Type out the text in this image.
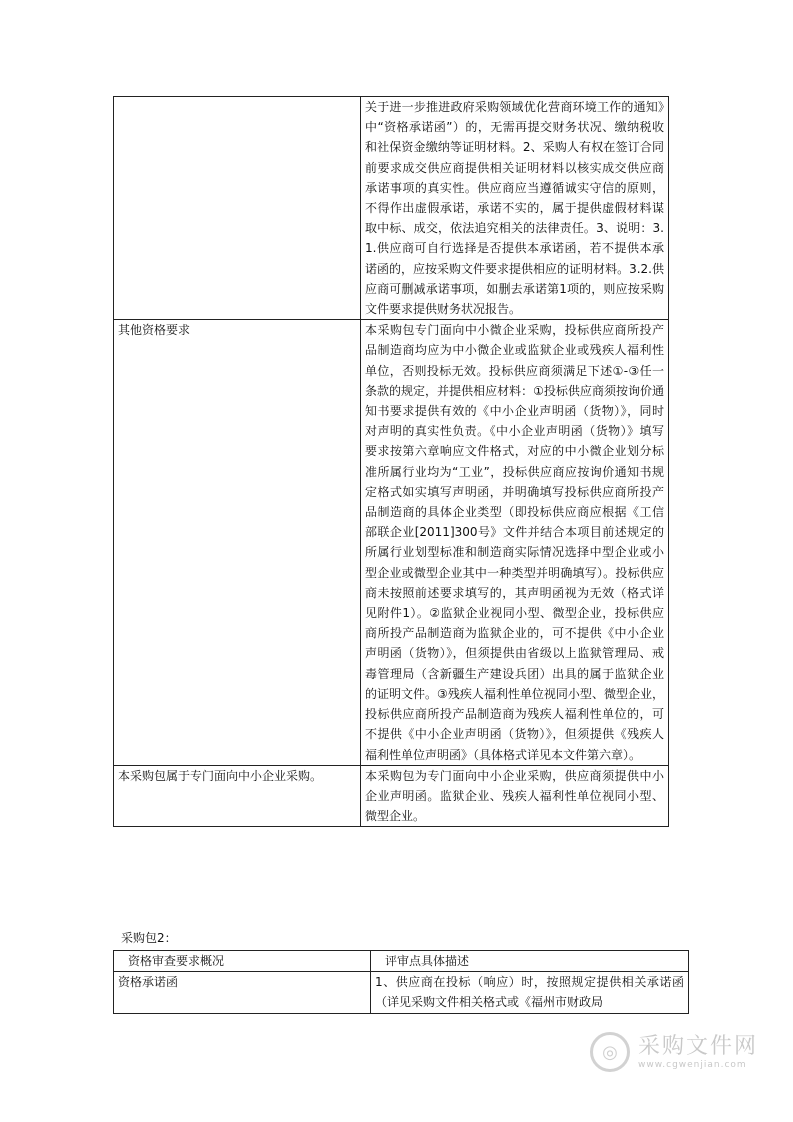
	关于进一步推进政府采购领域优化营商环境工作的通知》中“资格承诺函”）的，无需再提交财务状况、缴纳税收和社保资金缴纳等证明材料。2、采购人有权在签订合同前要求成交供应商提供相关证明材料以核实成交供应商承诺事项的真实性。供应商应当遵循诚实守信的原则，不得作出虚假承诺，承诺不实的，属于提供虚假材料谋取中标、成交，依法追究相关的法律责任。3、说明：3.1.供应商可自行选择是否提供本承诺函，若不提供本承诺函的，应按采购文件要求提供相应的证明材料。3.2.供应商可删减承诺事项，如删去承诺第1项的，则应按采购文件要求提供财务状况报告。
其他资格要求	本采购包专门面向中小微企业采购，投标供应商所投产品制造商均应为中小微企业或监狱企业或残疾人福利性单位，否则投标无效。投标供应商须满足下述①-③任一条款的规定，并提供相应材料：①投标供应商须按询价通知书要求提供有效的《中小企业声明函（货物）》，同时对声明的真实性负责。《中小企业声明函（货物）》填写要求按第六章响应文件格式，对应的中小微企业划分标准所属行业均为“工业”，投标供应商应按询价通知书规定格式如实填写声明函，并明确填写投标供应商所投产品制造商的具体企业类型（即投标供应商应根据《工信部联企业[2011]300号》文件并结合本项目前述规定的所属行业划型标准和制造商实际情况选择中型企业或小型企业或微型企业其中一种类型并明确填写）。投标供应商未按照前述要求填写的，其声明函视为无效（格式详见附件1）。②监狱企业视同小型、微型企业，投标供应商所投产品制造商为监狱企业的，可不提供《中小企业声明函（货物）》，但须提供由省级以上监狱管理局、戒毒管理局（含新疆生产建设兵团）出具的属于监狱企业的证明文件。③残疾人福利性单位视同小型、微型企业，投标供应商所投产品制造商为残疾人福利性单位的，可不提供《中小企业声明函（货物）》，但须提供《残疾人福利性单位声明函》（具体格式详见本文件第六章）。
本采购包属于专门面向中小企业采购。	本采购包为专门面向中小企业采购，供应商须提供中小企业声明函。监狱企业、残疾人福利性单位视同小型、微型企业。
采购包2：
资格审查要求概况	评审点具体描述
资格承诺函	1、供应商在投标（响应）时，按照规定提供相关承诺函（详见采购文件相关格式或《福州市财政局
◎ 采购文件网
www.cgwenjian.com
